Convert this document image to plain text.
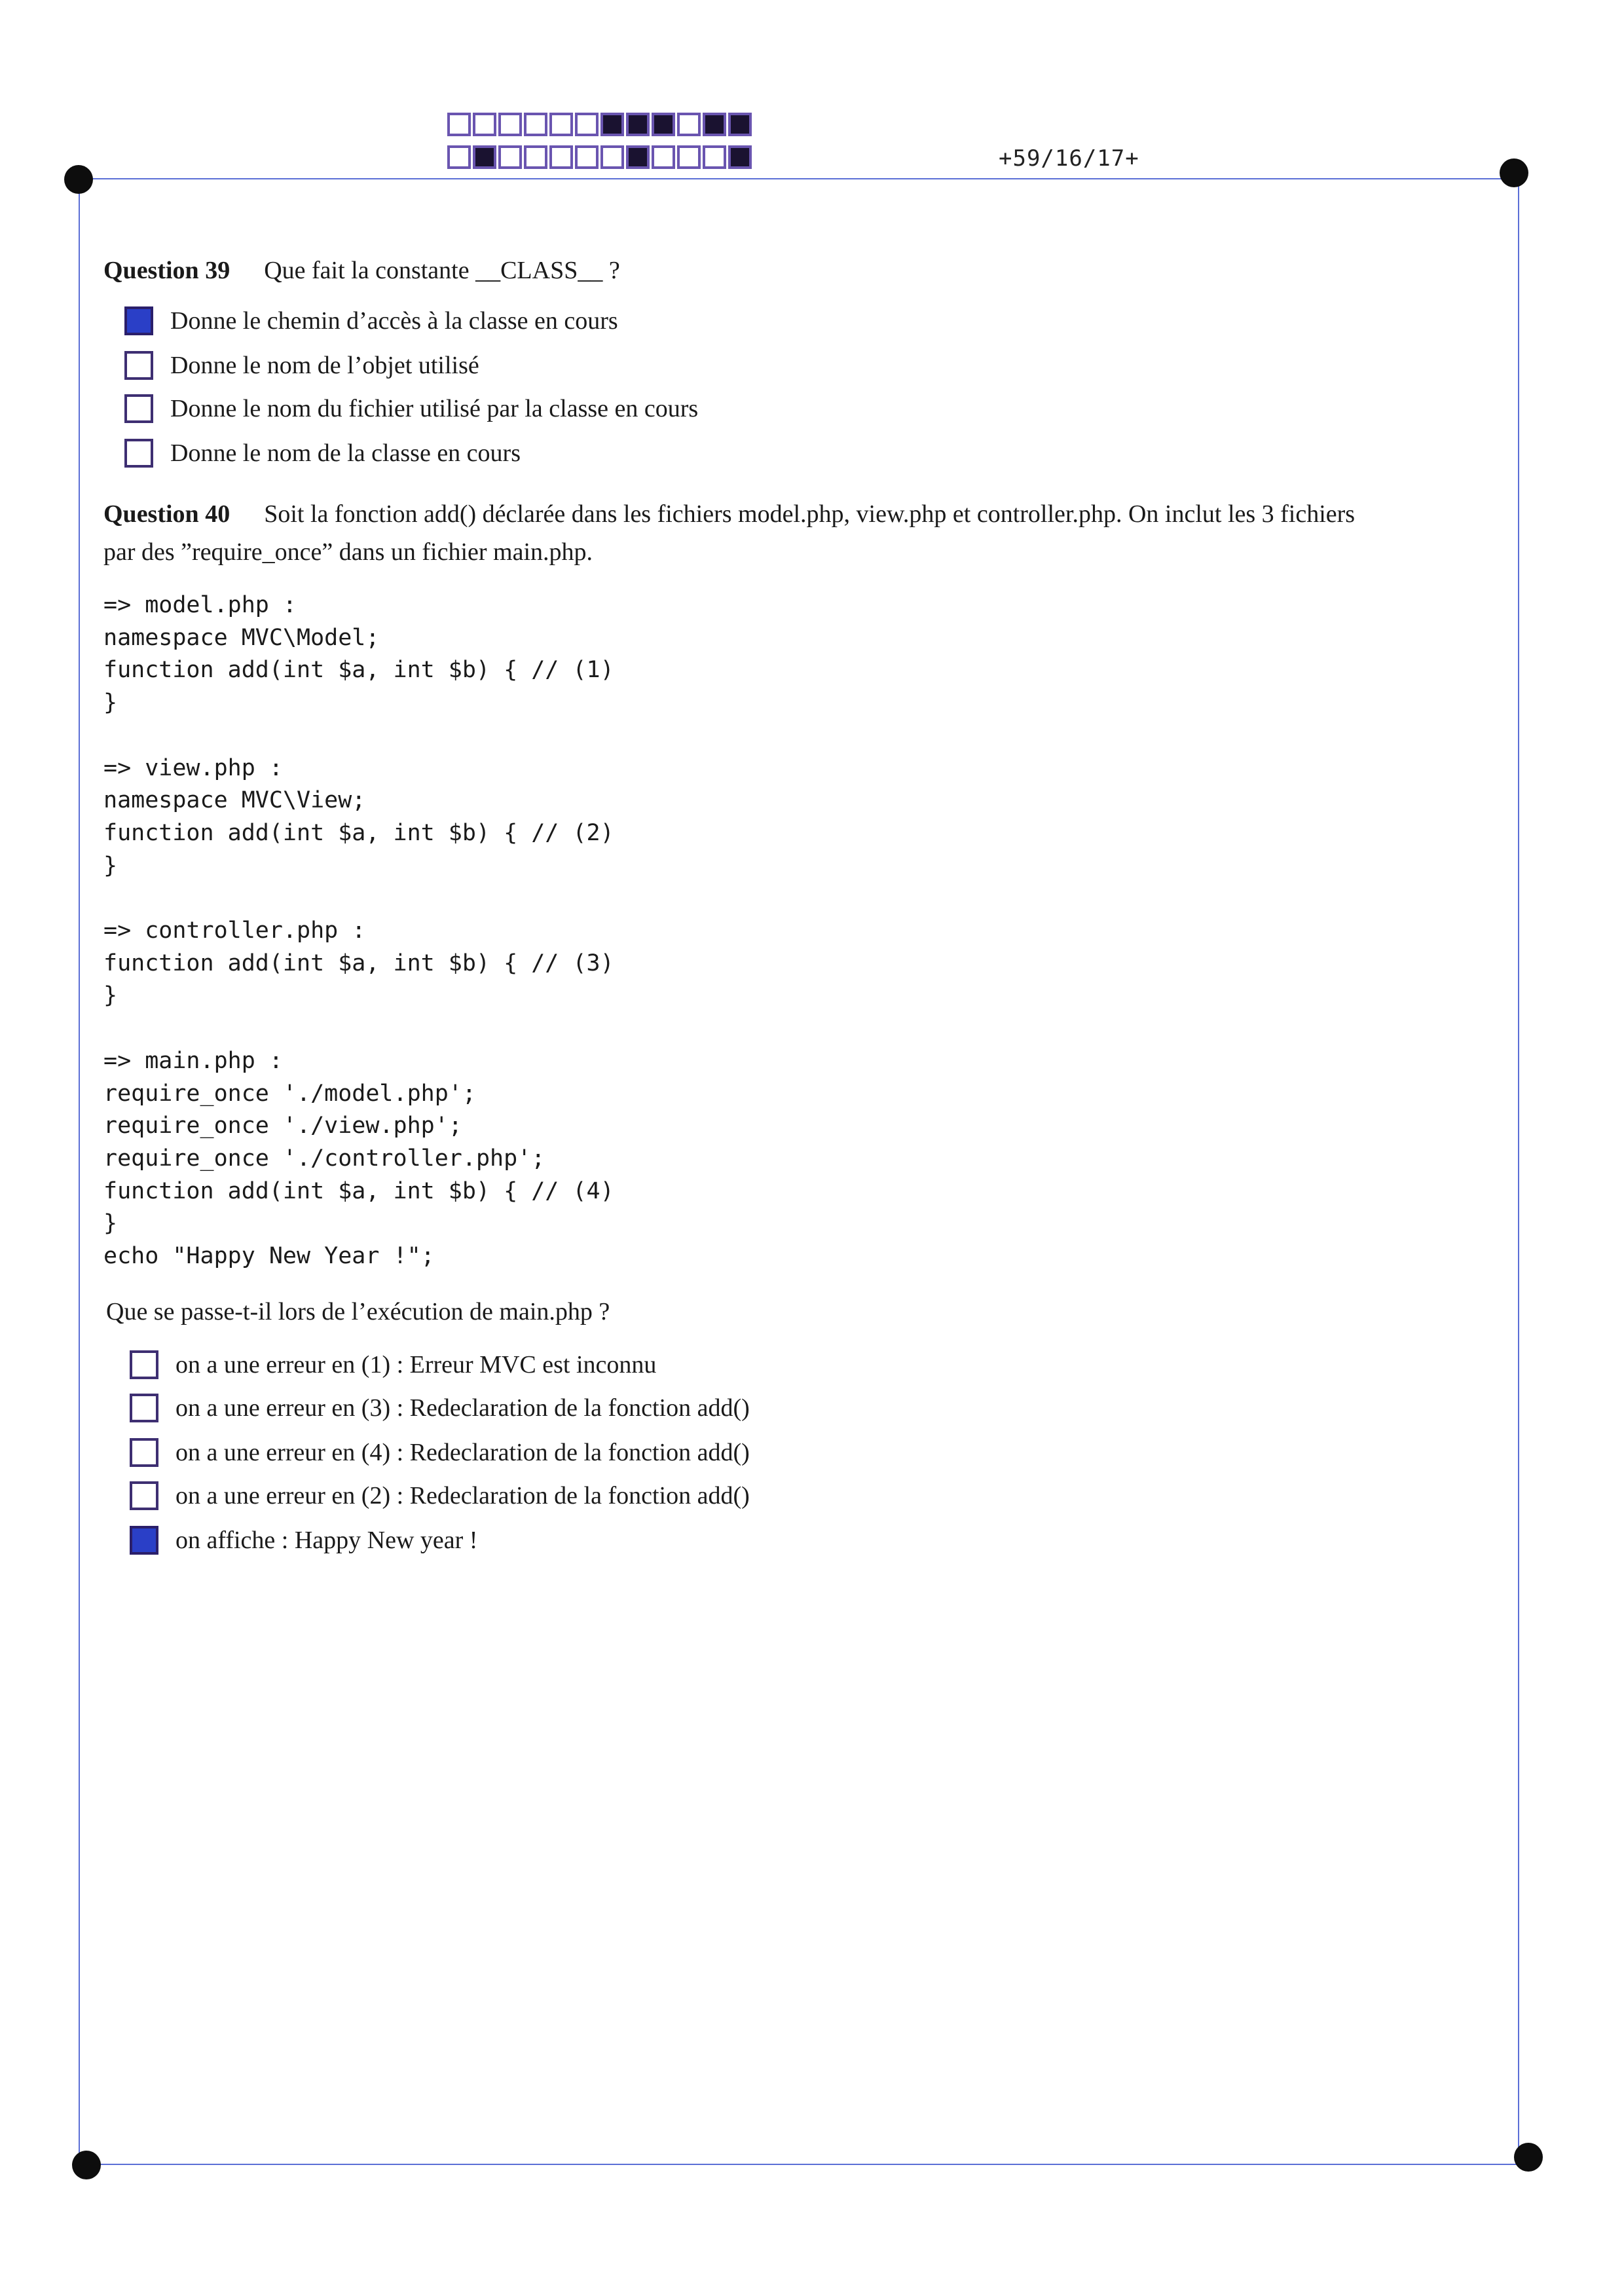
+59/16/17+
Question 39 Que fait la constante __CLASS__ ?
Donne le chemin d’accès à la classe en cours
Donne le nom de l’objet utilisé
Donne le nom du fichier utilisé par la classe en cours
Donne le nom de la classe en cours
Question 40 Soit la fonction add() déclarée dans les fichiers model.php, view.php et controller.php. On inclut les 3 fichiers
par des ”require_once” dans un fichier main.php.
=> model.php :
namespace MVC\Model;
function add(int $a, int $b) { // (1)
}

=> view.php :
namespace MVC\View;
function add(int $a, int $b) { // (2)
}

=> controller.php :
function add(int $a, int $b) { // (3)
}

=> main.php :
require_once './model.php';
require_once './view.php';
require_once './controller.php';
function add(int $a, int $b) { // (4)
}
echo "Happy New Year !";
Que se passe-t-il lors de l’exécution de main.php ?
on a une erreur en (1) : Erreur MVC est inconnu
on a une erreur en (3) : Redeclaration de la fonction add()
on a une erreur en (4) : Redeclaration de la fonction add()
on a une erreur en (2) : Redeclaration de la fonction add()
on affiche : Happy New year !
